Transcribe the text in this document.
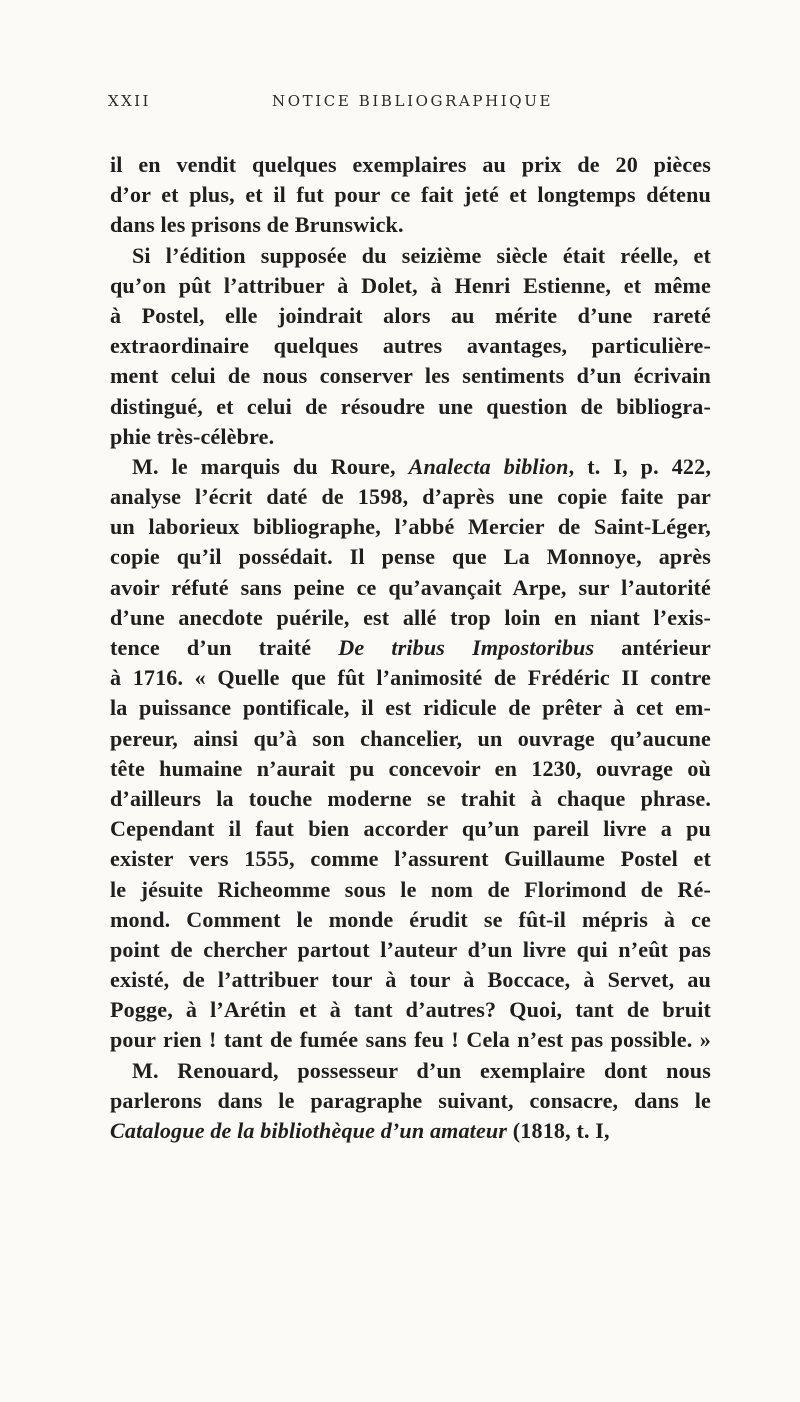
XXII	NOTICE BIBLIOGRAPHIQUE
il en vendit quelques exemplaires au prix de 20 pièces
d’or et plus, et il fut pour ce fait jeté et longtemps détenu
dans les prisons de Brunswick.
Si l’édition supposée du seizième siècle était réelle, et
qu’on pût l’attribuer à Dolet, à Henri Estienne, et même
à Postel, elle joindrait alors au mérite d’une rareté
extraordinaire quelques autres avantages, particulière-
ment celui de nous conserver les sentiments d’un écrivain
distingué, et celui de résoudre une question de bibliogra-
phie très-célèbre.
M. le marquis du Roure, Analecta biblion, t. I, p. 422,
analyse l’écrit daté de 1598, d’après une copie faite par
un laborieux bibliographe, l’abbé Mercier de Saint-Léger,
copie qu’il possédait. Il pense que La Monnoye, après
avoir réfuté sans peine ce qu’avançait Arpe, sur l’autorité
d’une anecdote puérile, est allé trop loin en niant l’exis-
tence d’un traité De tribus Impostoribus antérieur
à 1716. « Quelle que fût l’animosité de Frédéric II contre
la puissance pontificale, il est ridicule de prêter à cet em-
pereur, ainsi qu’à son chancelier, un ouvrage qu’aucune
tête humaine n’aurait pu concevoir en 1230, ouvrage où
d’ailleurs la touche moderne se trahit à chaque phrase.
Cependant il faut bien accorder qu’un pareil livre a pu
exister vers 1555, comme l’assurent Guillaume Postel et
le jésuite Richeomme sous le nom de Florimond de Ré-
mond. Comment le monde érudit se fût-il mépris à ce
point de chercher partout l’auteur d’un livre qui n’eût pas
existé, de l’attribuer tour à tour à Boccace, à Servet, au
Pogge, à l’Arétin et à tant d’autres? Quoi, tant de bruit
pour rien ! tant de fumée sans feu ! Cela n’est pas possible. »
M. Renouard, possesseur d’un exemplaire dont nous
parlerons dans le paragraphe suivant, consacre, dans le
Catalogue de la bibliothèque d’un amateur (1818, t. I,
